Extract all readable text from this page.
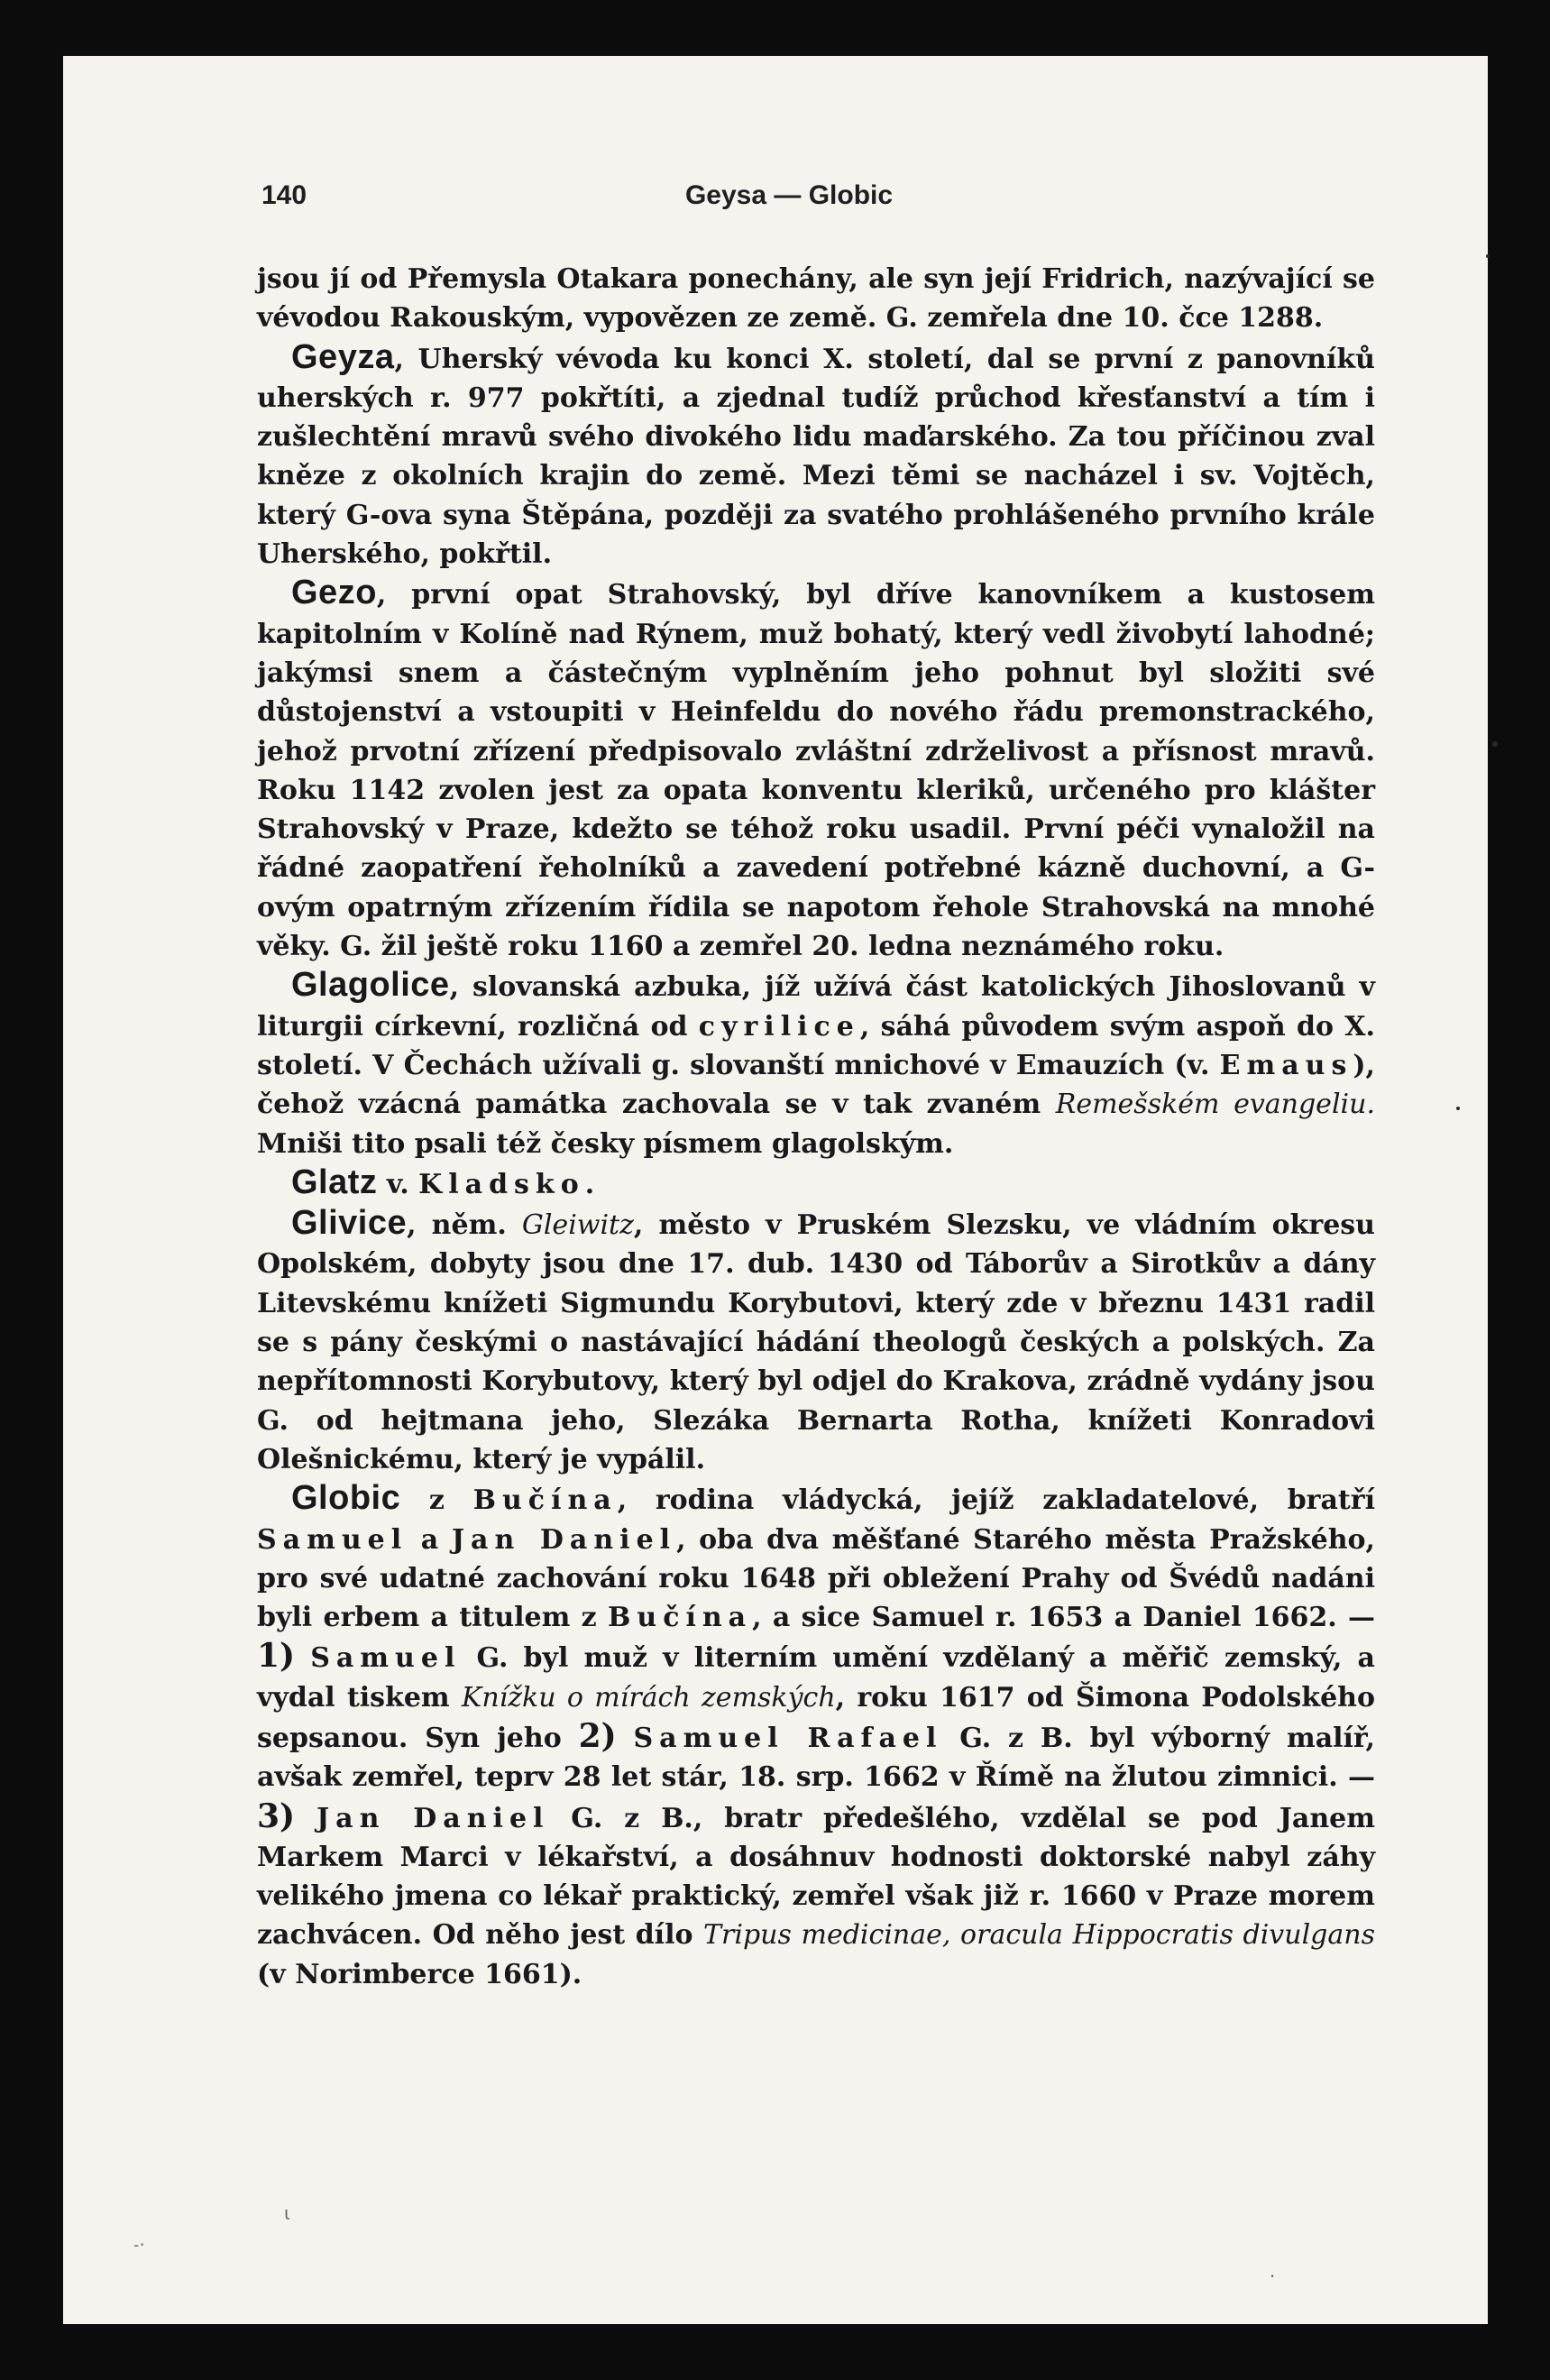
ɩ
˗·
·
140	Geysa — Globic

jsou jí od Přemysla Otakara ponechány, ale syn její Fridrich, nazývající se vévodou Rakouským, vypovězen ze země. G. zemřela dne 10. čce 1288.

Geyza, Uherský vévoda ku konci X. století, dal se první z panovníků uherských r. 977 pokřtíti, a zjednal tudíž průchod křesťanství a tím i zušlechtění mravů svého divokého lidu maďarského. Za tou příčinou zval kněze z okolních krajin do země. Mezi těmi se nacházel i sv. Vojtěch, který G-ova syna Štěpána, později za svatého prohlášeného prvního krále Uherského, pokřtil.

Gezo, první opat Strahovský, byl dříve kanovníkem a kustosem kapitolním v Kolíně nad Rýnem, muž bohatý, který vedl živobytí lahodné; jakýmsi snem a částečným vyplněním jeho pohnut byl složiti své důstojenství a vstoupiti v Heinfeldu do nového řádu premonstrackého, jehož prvotní zřízení předpisovalo zvláštní zdrželivost a přísnost mravů. Roku 1142 zvolen jest za opata konventu kleriků, určeného pro klášter Strahovský v Praze, kdežto se téhož roku usadil. První péči vynaložil na řádné zaopatření řeholníků a zavedení potřebné kázně duchovní, a G-ovým opatrným zřízením řídila se napotom řehole Strahovská na mnohé věky. G. žil ještě roku 1160 a zemřel 20. ledna neznámého roku.

Glagolice, slovanská azbuka, jíž užívá část katolických Jihoslovanů v liturgii církevní, rozličná od cyrilice, sáhá původem svým aspoň do X. století. V Čechách užívali g. slovanští mnichové v Emauzích (v. Emaus), čehož vzácná památka zachovala se v tak zvaném Remešském evangeliu. Mniši tito psali též česky písmem glagolským.

Glatz v. Kladsko.

Glivice, něm. Gleiwitz, město v Pruském Slezsku, ve vládním okresu Opolském, dobyty jsou dne 17. dub. 1430 od Táborův a Sirotkův a dány Litevskému knížeti Sigmundu Korybutovi, který zde v březnu 1431 radil se s pány českými o nastávající hádání theologů českých a polských. Za nepřítomnosti Korybutovy, který byl odjel do Krakova, zrádně vydány jsou G. od hejtmana jeho, Slezáka Bernarta Rotha, knížeti Konradovi Olešnickému, který je vypálil.

Globic z Bučína, rodina vládycká, jejíž zakladatelové, bratří Samuel a Jan Daniel, oba dva měšťané Starého města Pražského, pro své udatné zachování roku 1648 při obležení Prahy od Švédů nadáni byli erbem a titulem z Bučína, a sice Samuel r. 1653 a Daniel 1662. — 1) Samuel G. byl muž v literním umění vzdělaný a měřič zemský, a vydal tiskem Knížku o mírách zemských, roku 1617 od Šimona Podolského sepsanou. Syn jeho 2) Samuel Rafael G. z B. byl výborný malíř, avšak zemřel, teprv 28 let stár, 18. srp. 1662 v Římě na žlutou zimnici. — 3) Jan Daniel G. z B., bratr předešlého, vzdělal se pod Janem Markem Marci v lékařství, a dosáhnuv hodnosti doktorské nabyl záhy velikého jmena co lékař praktický, zemřel však již r. 1660 v Praze morem zachvácen. Od něho jest dílo Tripus medicinae, oracula Hippocratis divulgans (v Norimberce 1661).
